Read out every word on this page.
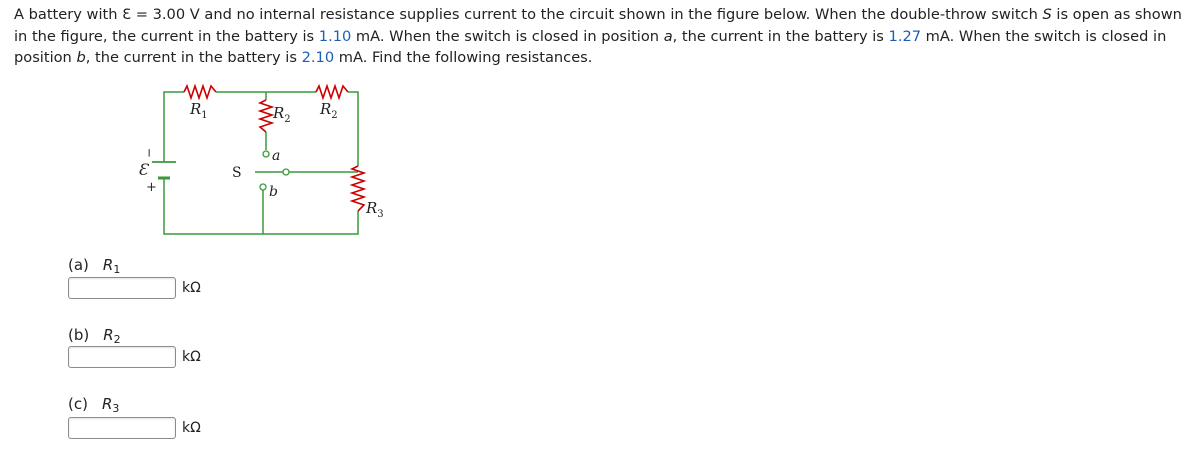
A battery with Ɛ = 3.00 V and no internal resistance supplies current to the circuit shown in the figure below. When the double-throw switch S is open as shown in the figure, the current in the battery is 1.10 mA. When the switch is closed in position a, the current in the battery is 1.27 mA. When the switch is closed in position b, the current in the battery is 2.10 mA. Find the following resistances.
Ɛ
−
+
$R_1$	$R_2$
$R_2$
$R_3$
S
a
b
(a) $R_1$
kΩ
(b) $R_2$
kΩ
(c) $R_3$
kΩ
